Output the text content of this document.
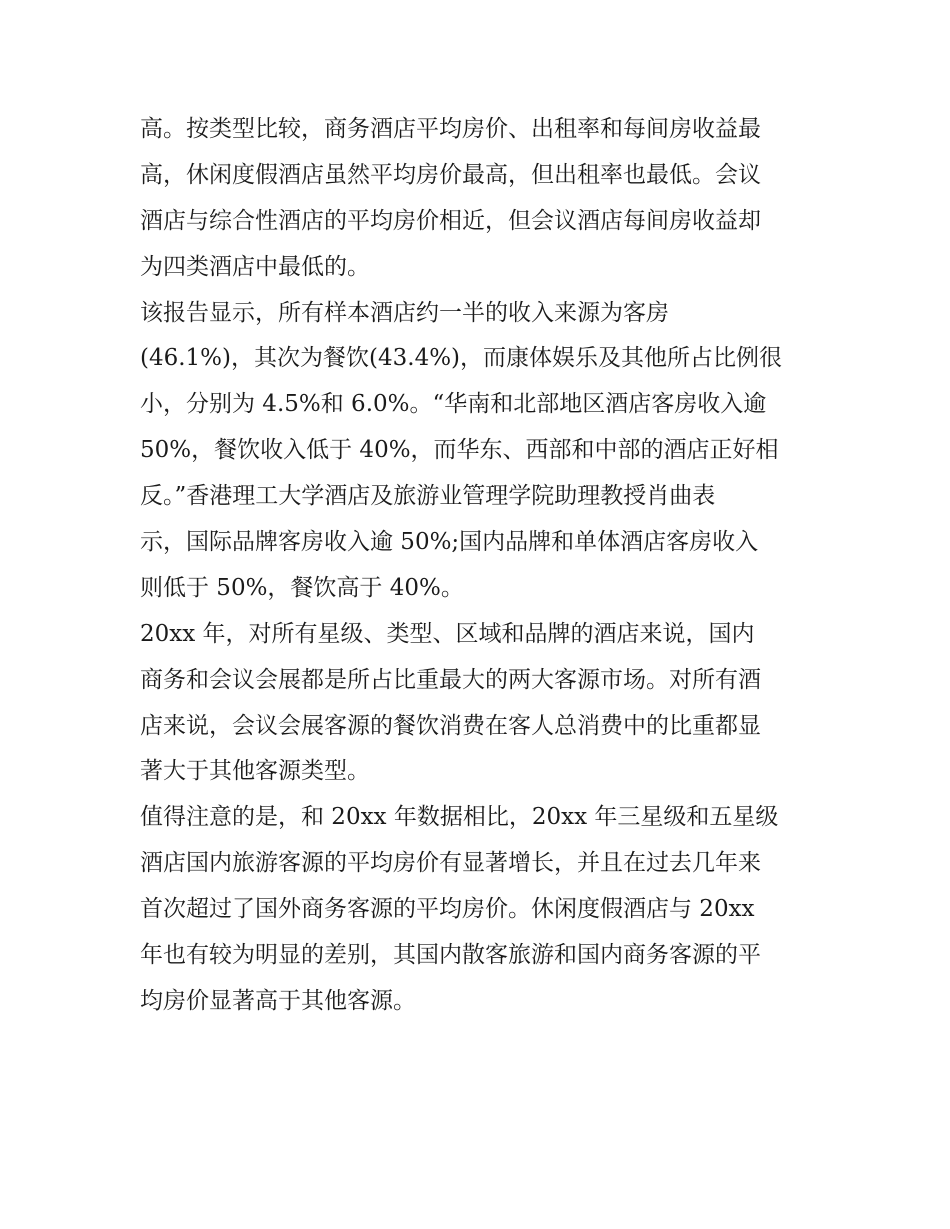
高。按类型比较，商务酒店平均房价、出租率和每间房收益最
高，休闲度假酒店虽然平均房价最高，但出租率也最低。会议
酒店与综合性酒店的平均房价相近，但会议酒店每间房收益却
为四类酒店中最低的。
该报告显示，所有样本酒店约一半的收入来源为客房
(46.1%)，其次为餐饮(43.4%)，而康体娱乐及其他所占比例很
小，分别为 4.5%和 6.0%。“华南和北部地区酒店客房收入逾
50%，餐饮收入低于 40%，而华东、西部和中部的酒店正好相
反。”香港理工大学酒店及旅游业管理学院助理教授肖曲表
示，国际品牌客房收入逾 50%;国内品牌和单体酒店客房收入
则低于 50%，餐饮高于 40%。
20xx 年，对所有星级、类型、区域和品牌的酒店来说，国内
商务和会议会展都是所占比重最大的两大客源市场。对所有酒
店来说，会议会展客源的餐饮消费在客人总消费中的比重都显
著大于其他客源类型。
值得注意的是，和 20xx 年数据相比，20xx 年三星级和五星级
酒店国内旅游客源的平均房价有显著增长，并且在过去几年来
首次超过了国外商务客源的平均房价。休闲度假酒店与 20xx
年也有较为明显的差别，其国内散客旅游和国内商务客源的平
均房价显著高于其他客源。
